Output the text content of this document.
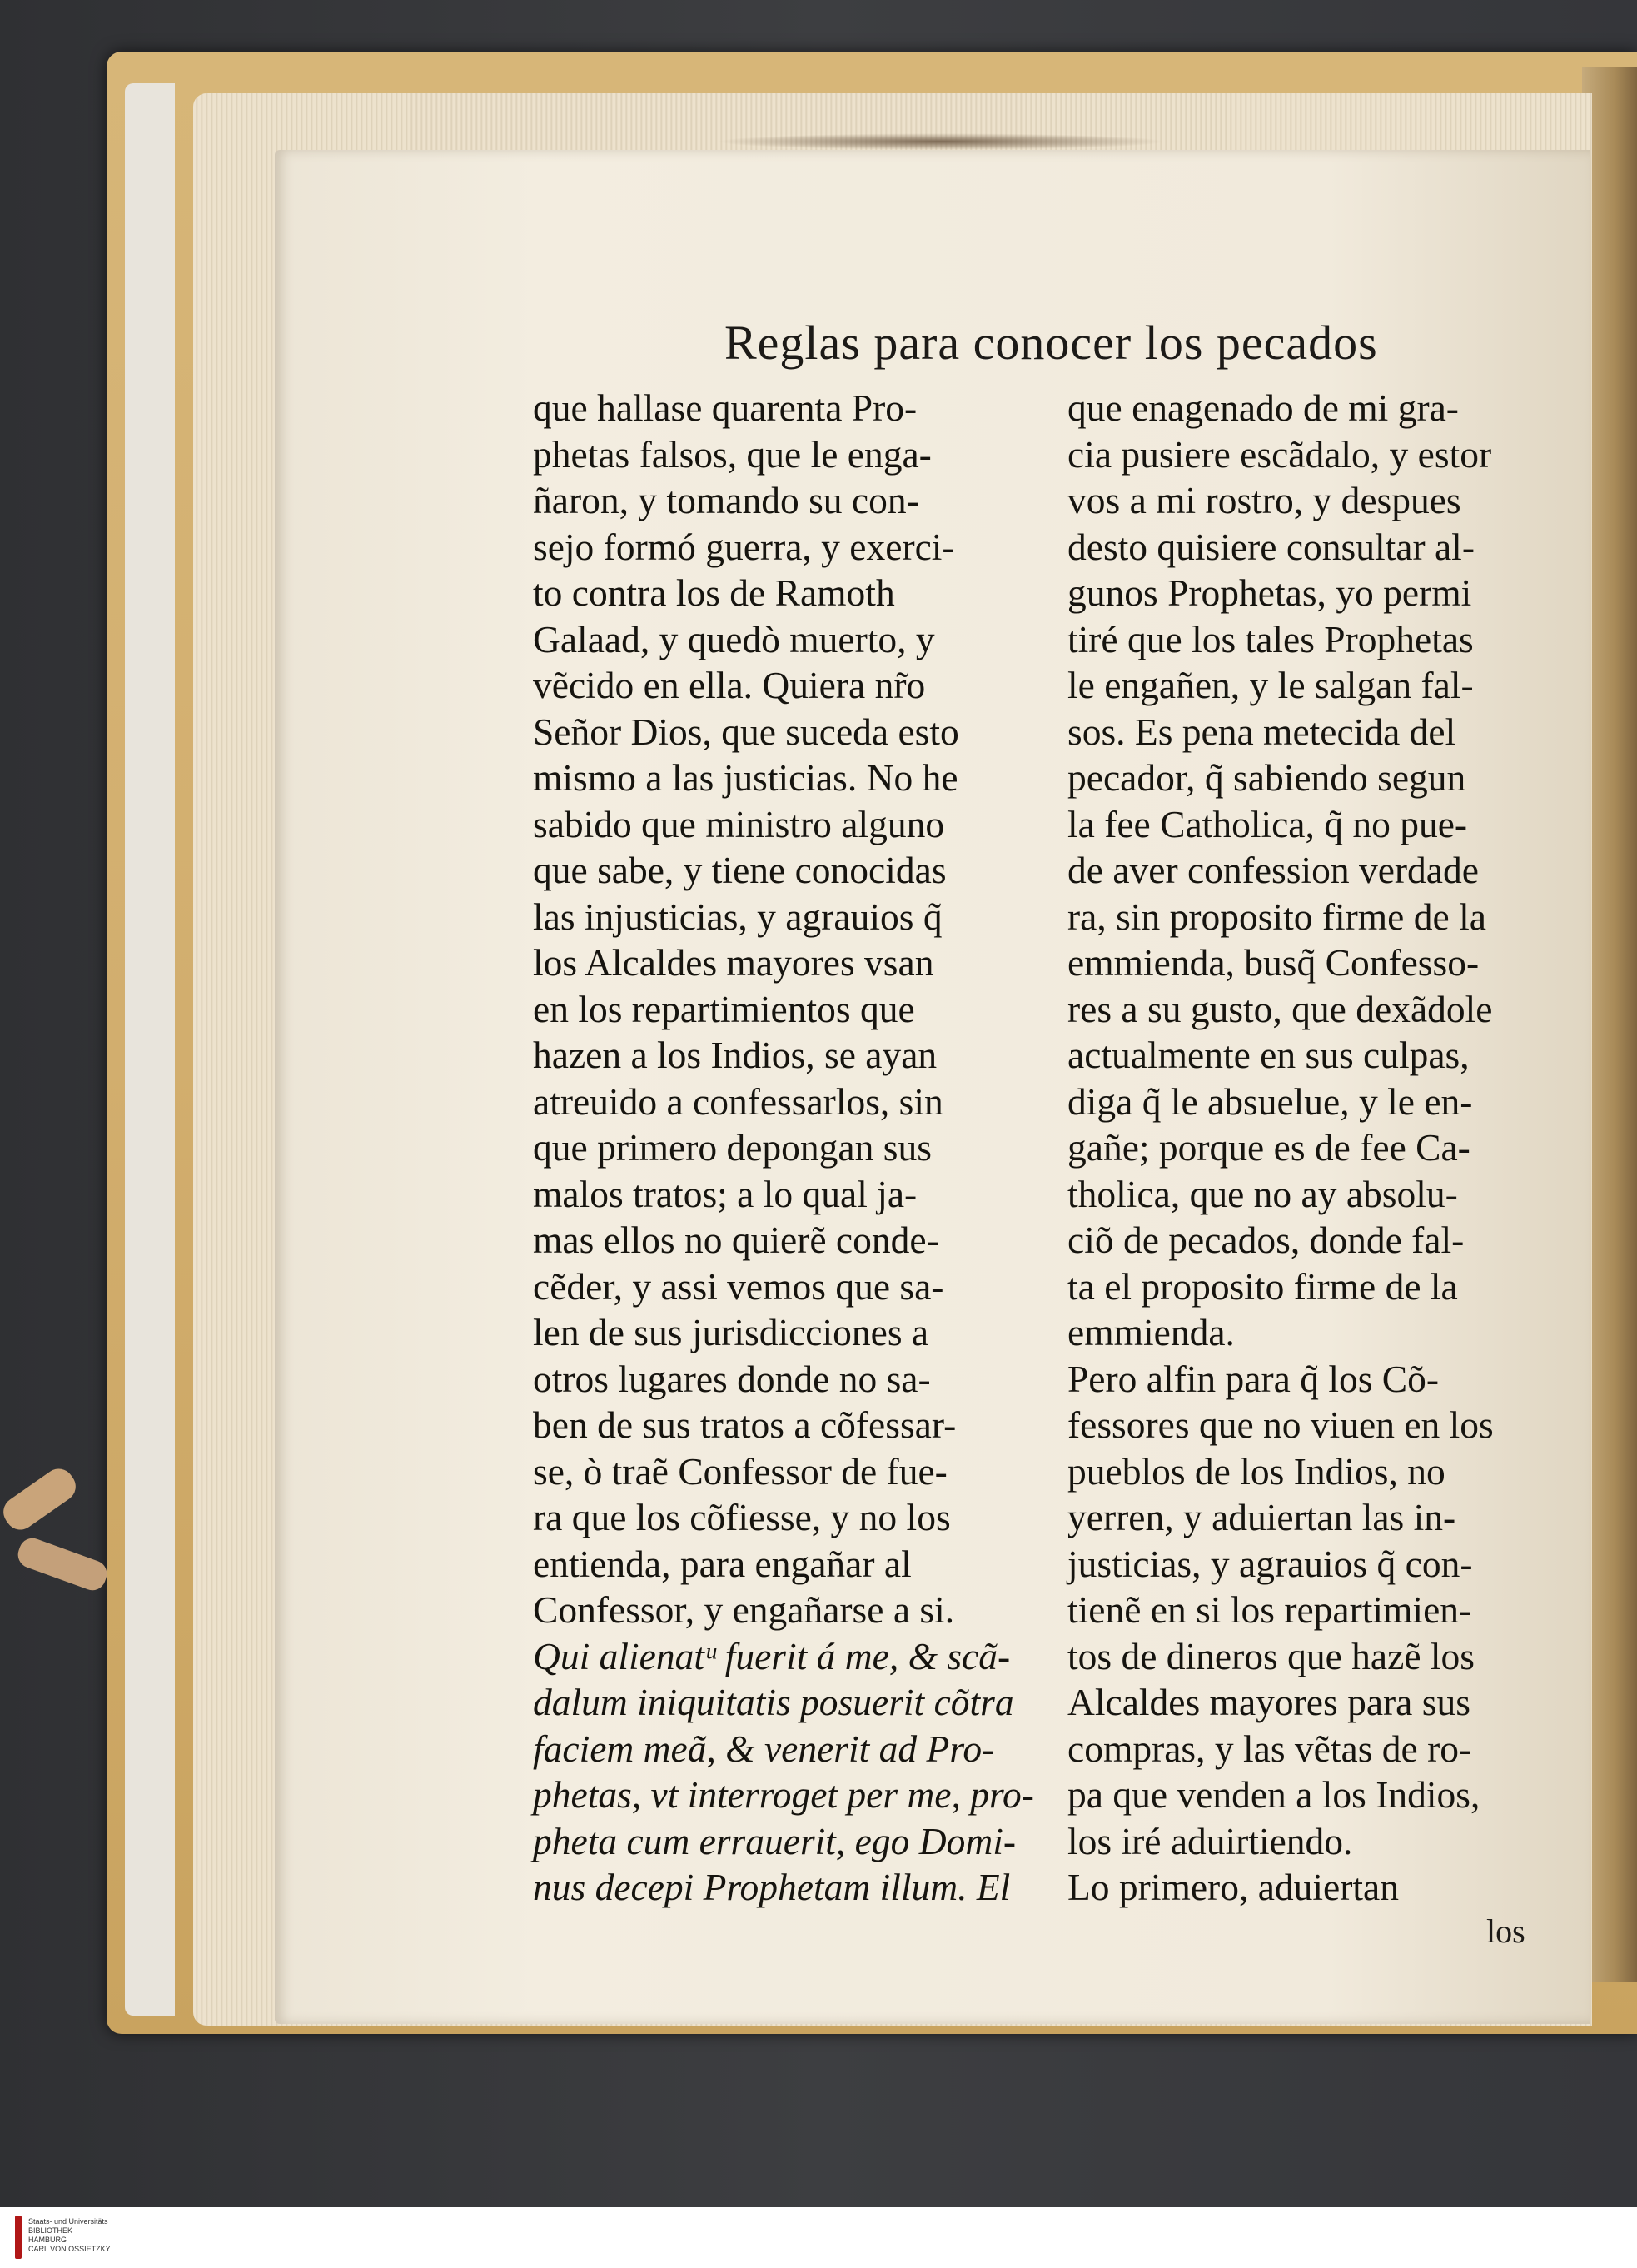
Reglas para conocer los pecados
que hallase quarenta Pro-
phetas falsos, que le enga-
ñaron, y tomando su con-
sejo formó guerra, y exerci-
to contra los de Ramoth
Galaad, y quedò muerto, y
vẽcido en ella. Quiera nr̃o
Señor Dios, que suceda esto
mismo a las justicias. No he
sabido que ministro alguno
que sabe, y tiene conocidas
las injusticias, y agrauios q̃
los Alcaldes mayores vsan
en los repartimientos que
hazen a los Indios, se ayan
atreuido a confessarlos, sin
que primero depongan sus
malos tratos; a lo qual ja-
mas ellos no quierẽ conde-
cẽder, y assi vemos que sa-
len de sus jurisdicciones a
otros lugares donde no sa-
ben de sus tratos a cõfessar-
se, ò traẽ Confessor de fue-
ra que los cõfiesse, y no los
entienda, para engañar al
Confessor, y engañarse a si.
Qui alienatᵘ fuerit á me, & scã-
dalum iniquitatis posuerit cõtra
faciem meã, & venerit ad Pro-
phetas, vt interroget per me, pro-
pheta cum errauerit, ego Domi-
nus decepi Prophetam illum. El
que enagenado de mi gra-
cia pusiere escãdalo, y estor
vos a mi rostro, y despues
desto quisiere consultar al-
gunos Prophetas, yo permi
tiré que los tales Prophetas
le engañen, y le salgan fal-
sos. Es pena metecida del
pecador, q̃ sabiendo segun
la fee Catholica, q̃ no pue-
de aver confession verdade
ra, sin proposito firme de la
emmienda, busq̃ Confesso-
res a su gusto, que dexãdole
actualmente en sus culpas,
diga q̃ le absuelue, y le en-
gañe; porque es de fee Ca-
tholica, que no ay absolu-
ciõ de pecados, donde fal-
ta el proposito firme de la
emmienda.
Pero alfin para q̃ los Cõ-
fessores que no viuen en los
pueblos de los Indios, no
yerren, y aduiertan las in-
justicias, y agrauios q̃ con-
tienẽ en si los repartimien-
tos de dineros que hazẽ los
Alcaldes mayores para sus
compras, y las vẽtas de ro-
pa que venden a los Indios,
los iré aduirtiendo.
Lo primero, aduiertan
los
Staats- und Universitäts
BIBLIOTHEK
HAMBURG
CARL VON OSSIETZKY
